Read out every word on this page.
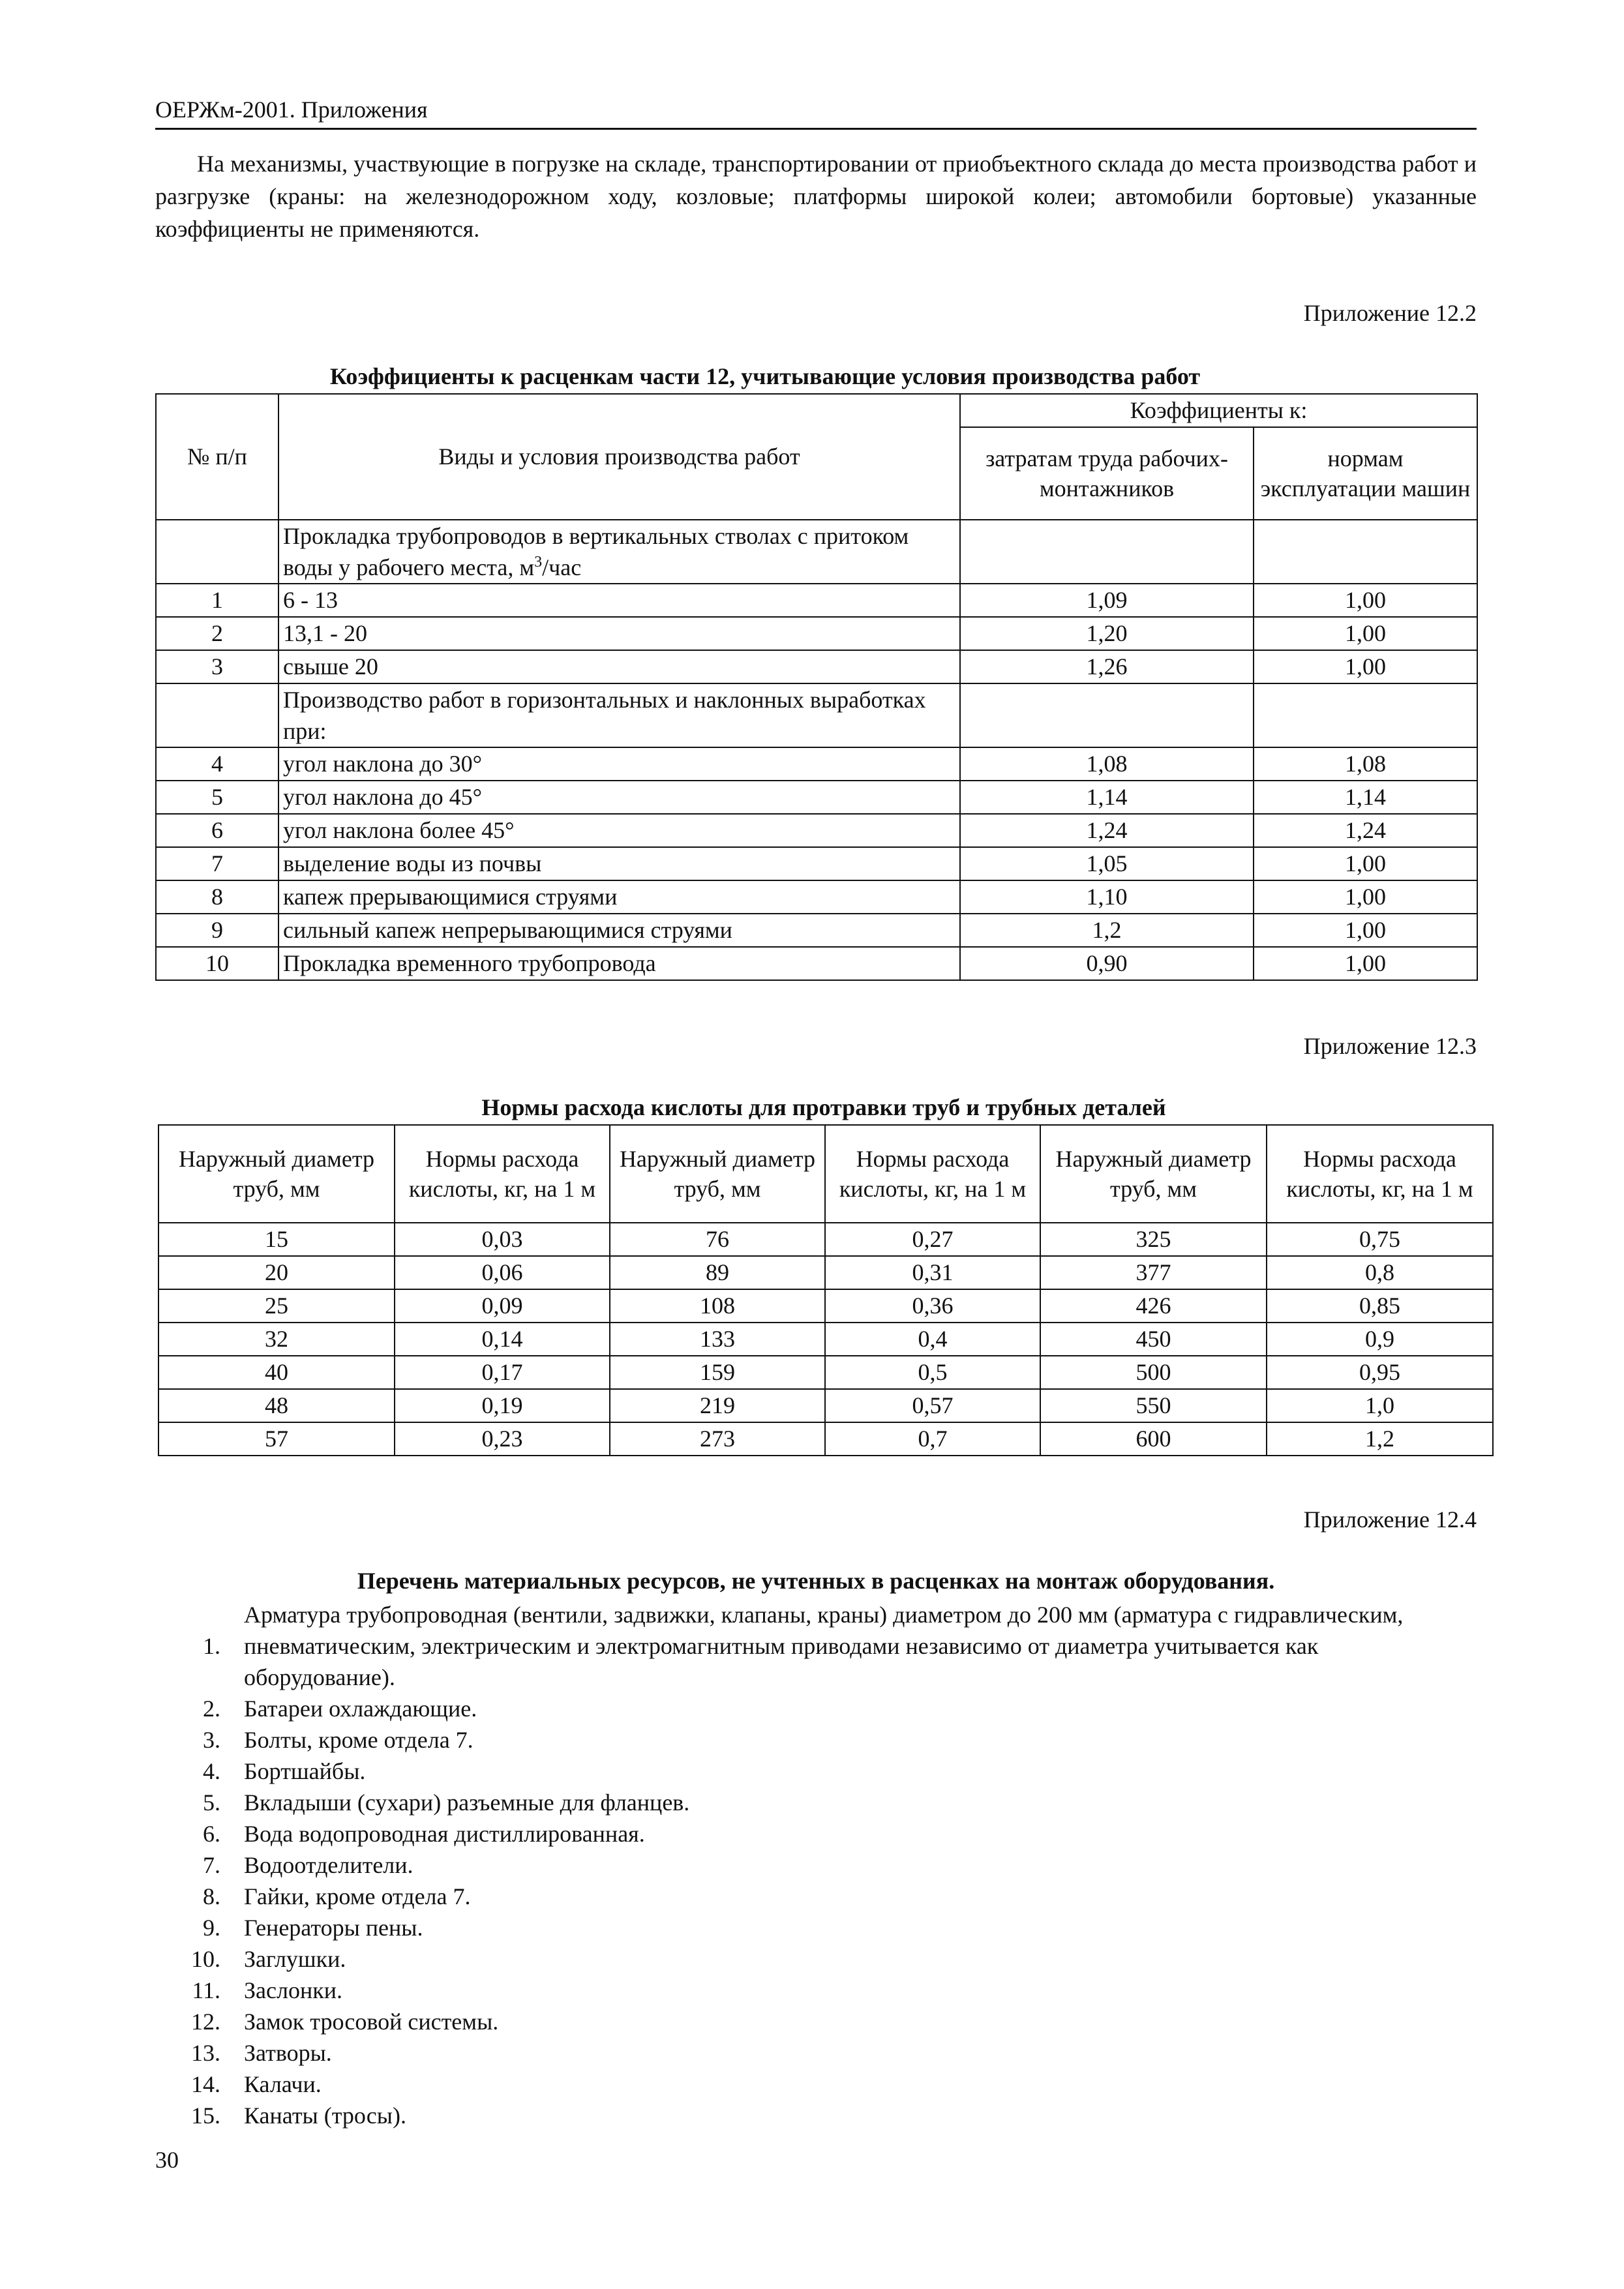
ОЕРЖм-2001. Приложения
На механизмы, участвующие в погрузке на складе, транспортировании от приобъектного склада до места производства работ и разгрузке (краны: на железнодорожном ходу, козловые; платформы широкой колеи; автомобили бортовые) указанные коэффициенты не применяются.
Приложение 12.2
Коэффициенты к расценкам части 12, учитывающие условия производства работ
№ п/п	Виды и условия производства работ	Коэффициенты к:	
		затратам труда рабочих-монтажников	нормам эксплуатации машин
	Прокладка трубопроводов в вертикальных стволах с притоком воды у рабочего места, $м^3$/час		
1	6 - 13	1,09	1,00
2	13,1 - 20	1,20	1,00
3	свыше 20	1,26	1,00
	Производство работ в горизонтальных и наклонных выработках при:		
4	угол наклона до 30°	1,08	1,08
5	угол наклона до 45°	1,14	1,14
6	угол наклона более 45°	1,24	1,24
7	выделение воды из почвы	1,05	1,00
8	капеж прерывающимися струями	1,10	1,00
9	сильный капеж непрерывающимися струями	1,2	1,00
10	Прокладка временного трубопровода	0,90	1,00
Приложение 12.3
Нормы расхода кислоты для протравки труб и трубных деталей
Наружный диаметр труб, мм	Нормы расхода кислоты, кг, на 1 м	Наружный диаметр труб, мм	Нормы расхода кислоты, кг, на 1 м	Наружный диаметр труб, мм	Нормы расхода кислоты, кг, на 1 м
15	0,03	76	0,27	325	0,75
20	0,06	89	0,31	377	0,8
25	0,09	108	0,36	426	0,85
32	0,14	133	0,4	450	0,9
40	0,17	159	0,5	500	0,95
48	0,19	219	0,57	550	1,0
57	0,23	273	0,7	600	1,2
Приложение 12.4
Перечень материальных ресурсов, не учтенных в расценках на монтаж оборудования.
1.
Арматура трубопроводная (вентили, задвижки, клапаны, краны) диаметром до 200 мм (арматура с гидравлическим, пневматическим, электрическим и электромагнитным приводами независимо от диаметра учитывается как оборудование).
2.	Батареи охлаждающие.
3.	Болты, кроме отдела 7.
4.	Бортшайбы.
5.	Вкладыши (сухари) разъемные для фланцев.
6.	Вода водопроводная дистиллированная.
7.	Водоотделители.
8.	Гайки, кроме отдела 7.
9.	Генераторы пены.
10.	Заглушки.
11.	Заслонки.
12.	Замок тросовой системы.
13.	Затворы.
14.	Калачи.
15.	Канаты (тросы).
30
